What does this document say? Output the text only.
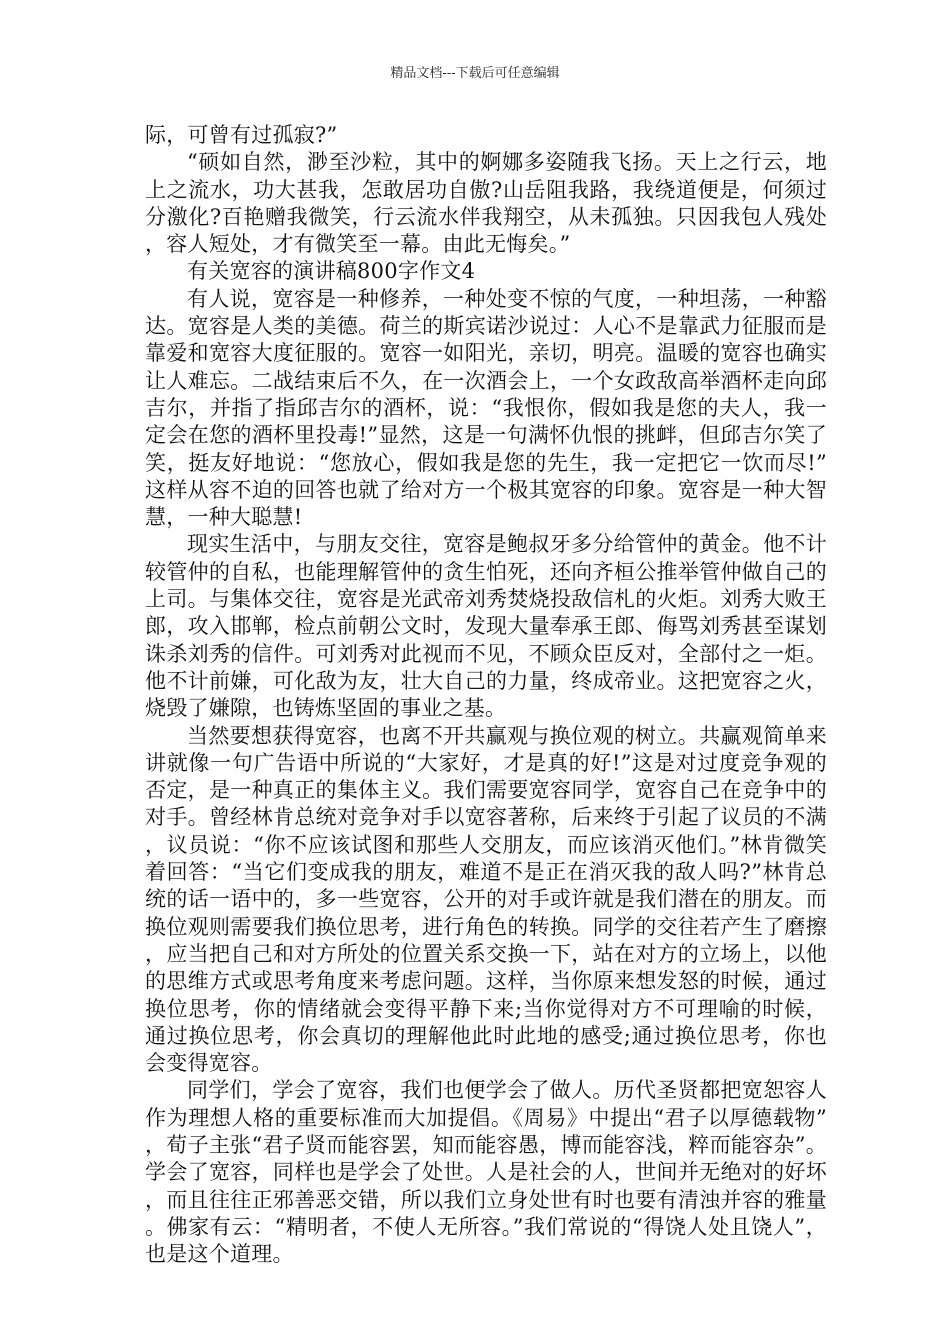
精品文档---下载后可任意编辑

际，可曾有过孤寂?”

“硕如自然，渺至沙粒，其中的婀娜多姿随我飞扬。天上之行云，地上之流水，功大甚我，怎敢居功自傲?山岳阻我路，我绕道便是，何须过分激化?百艳赠我微笑，行云流水伴我翔空，从未孤独。只因我包人残处，容人短处，才有微笑至一幕。由此无悔矣。”

有关宽容的演讲稿800字作文4

有人说，宽容是一种修养，一种处变不惊的气度，一种坦荡，一种豁达。宽容是人类的美德。荷兰的斯宾诺沙说过：人心不是靠武力征服而是靠爱和宽容大度征服的。宽容一如阳光，亲切，明亮。温暖的宽容也确实让人难忘。二战结束后不久，在一次酒会上，一个女政敌高举酒杯走向邱吉尔，并指了指邱吉尔的酒杯，说：“我恨你，假如我是您的夫人，我一定会在您的酒杯里投毒!”显然，这是一句满怀仇恨的挑衅，但邱吉尔笑了笑，挺友好地说：“您放心，假如我是您的先生，我一定把它一饮而尽!”这样从容不迫的回答也就了给对方一个极其宽容的印象。宽容是一种大智慧，一种大聪慧!

现实生活中，与朋友交往，宽容是鲍叔牙多分给管仲的黄金。他不计较管仲的自私，也能理解管仲的贪生怕死，还向齐桓公推举管仲做自己的上司。与集体交往，宽容是光武帝刘秀焚烧投敌信札的火炬。刘秀大败王郎，攻入邯郸，检点前朝公文时，发现大量奉承王郎、侮骂刘秀甚至谋划诛杀刘秀的信件。可刘秀对此视而不见，不顾众臣反对，全部付之一炬。他不计前嫌，可化敌为友，壮大自己的力量，终成帝业。这把宽容之火，烧毁了嫌隙，也铸炼坚固的事业之基。

当然要想获得宽容，也离不开共赢观与换位观的树立。共赢观简单来讲就像一句广告语中所说的“大家好，才是真的好!”这是对过度竞争观的否定，是一种真正的集体主义。我们需要宽容同学，宽容自己在竞争中的对手。曾经林肯总统对竞争对手以宽容著称，后来终于引起了议员的不满，议员说：“你不应该试图和那些人交朋友，而应该消灭他们。”林肯微笑着回答：“当它们变成我的朋友，难道不是正在消灭我的敌人吗?”林肯总统的话一语中的，多一些宽容，公开的对手或许就是我们潜在的朋友。而换位观则需要我们换位思考，进行角色的转换。同学的交往若产生了磨擦，应当把自己和对方所处的位置关系交换一下，站在对方的立场上，以他的思维方式或思考角度来考虑问题。这样，当你原来想发怒的时候，通过换位思考，你的情绪就会变得平静下来;当你觉得对方不可理喻的时候，通过换位思考，你会真切的理解他此时此地的感受;通过换位思考，你也会变得宽容。

同学们，学会了宽容，我们也便学会了做人。历代圣贤都把宽恕容人作为理想人格的重要标准而大加提倡。《周易》中提出“君子以厚德载物”，荀子主张“君子贤而能容罢，知而能容愚，博而能容浅，粹而能容杂”。学会了宽容，同样也是学会了处世。人是社会的人，世间并无绝对的好坏，而且往往正邪善恶交错，所以我们立身处世有时也要有清浊并容的雅量。佛家有云：“精明者，不使人无所容。”我们常说的“得饶人处且饶人”，也是这个道理。
